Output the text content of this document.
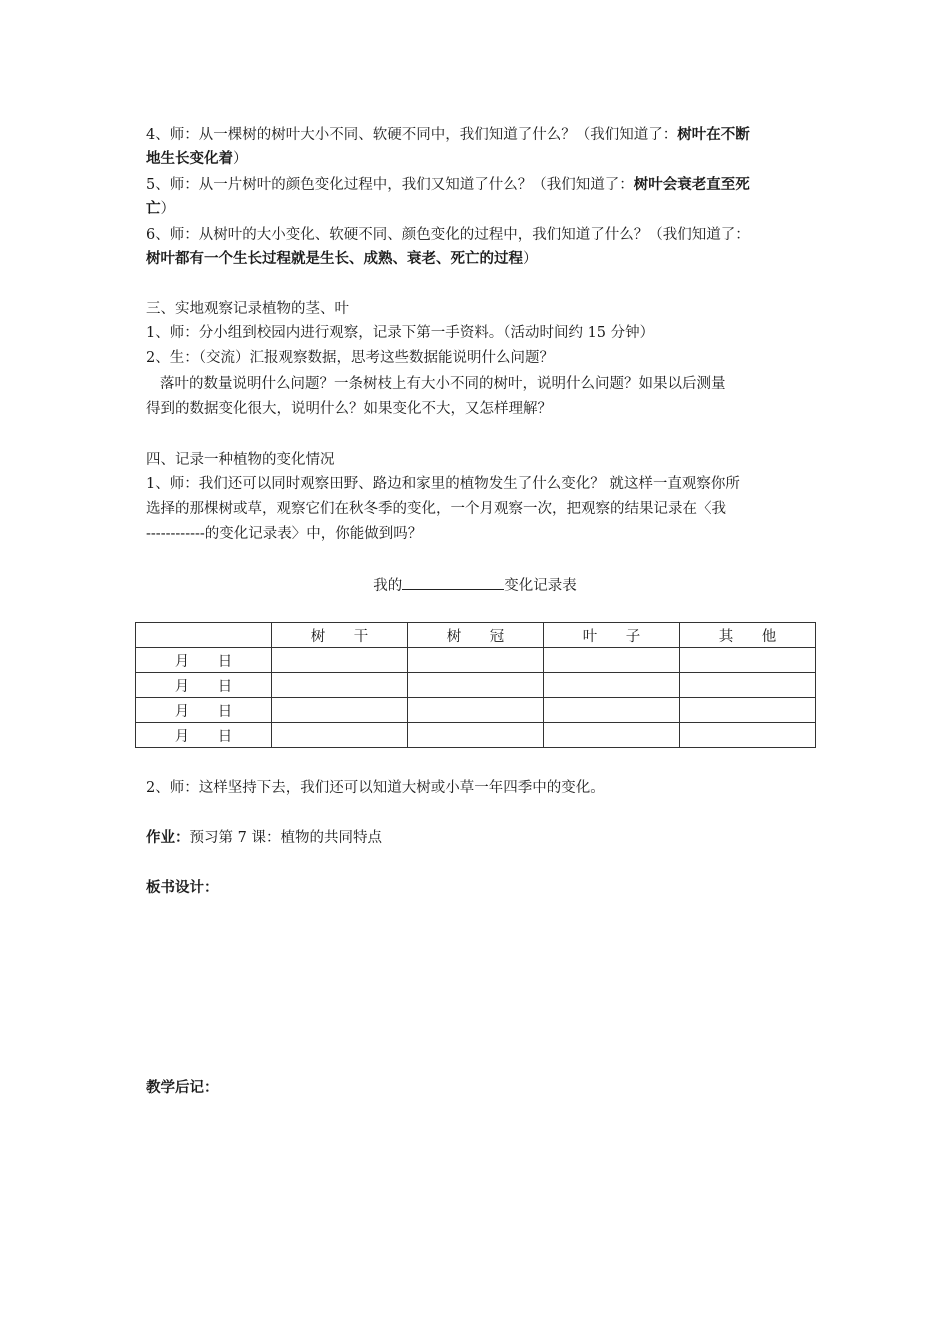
4、师：从一棵树的树叶大小不同、软硬不同中，我们知道了什么？（我们知道了：树叶在不断
地生长变化着）
5、师：从一片树叶的颜色变化过程中，我们又知道了什么？（我们知道了：树叶会衰老直至死
亡）
6、师：从树叶的大小变化、软硬不同、颜色变化的过程中，我们知道了什么？（我们知道了：
树叶都有一个生长过程就是生长、成熟、衰老、死亡的过程）
三、实地观察记录植物的茎、叶
1、师：分小组到校园内进行观察，记录下第一手资料。（活动时间约 15 分钟）
2、生：（交流）汇报观察数据，思考这些数据能说明什么问题？
落叶的数量说明什么问题？一条树枝上有大小不同的树叶，说明什么问题？如果以后测量
得到的数据变化很大，说明什么？如果变化不大，又怎样理解？
四、记录一种植物的变化情况
1、师：我们还可以同时观察田野、路边和家里的植物发生了什么变化？ 就这样一直观察你所
选择的那棵树或草，观察它们在秋冬季的变化，一个月观察一次，把观察的结果记录在〈我
------------的变化记录表〉中，你能做到吗？
我的	变化记录表
	树 干	树 冠	叶 子	其 他
月 日				
月 日				
月 日				
月 日				
2、师：这样坚持下去，我们还可以知道大树或小草一年四季中的变化。
作业：预习第 7 课：植物的共同特点
板书设计：
教学后记：
